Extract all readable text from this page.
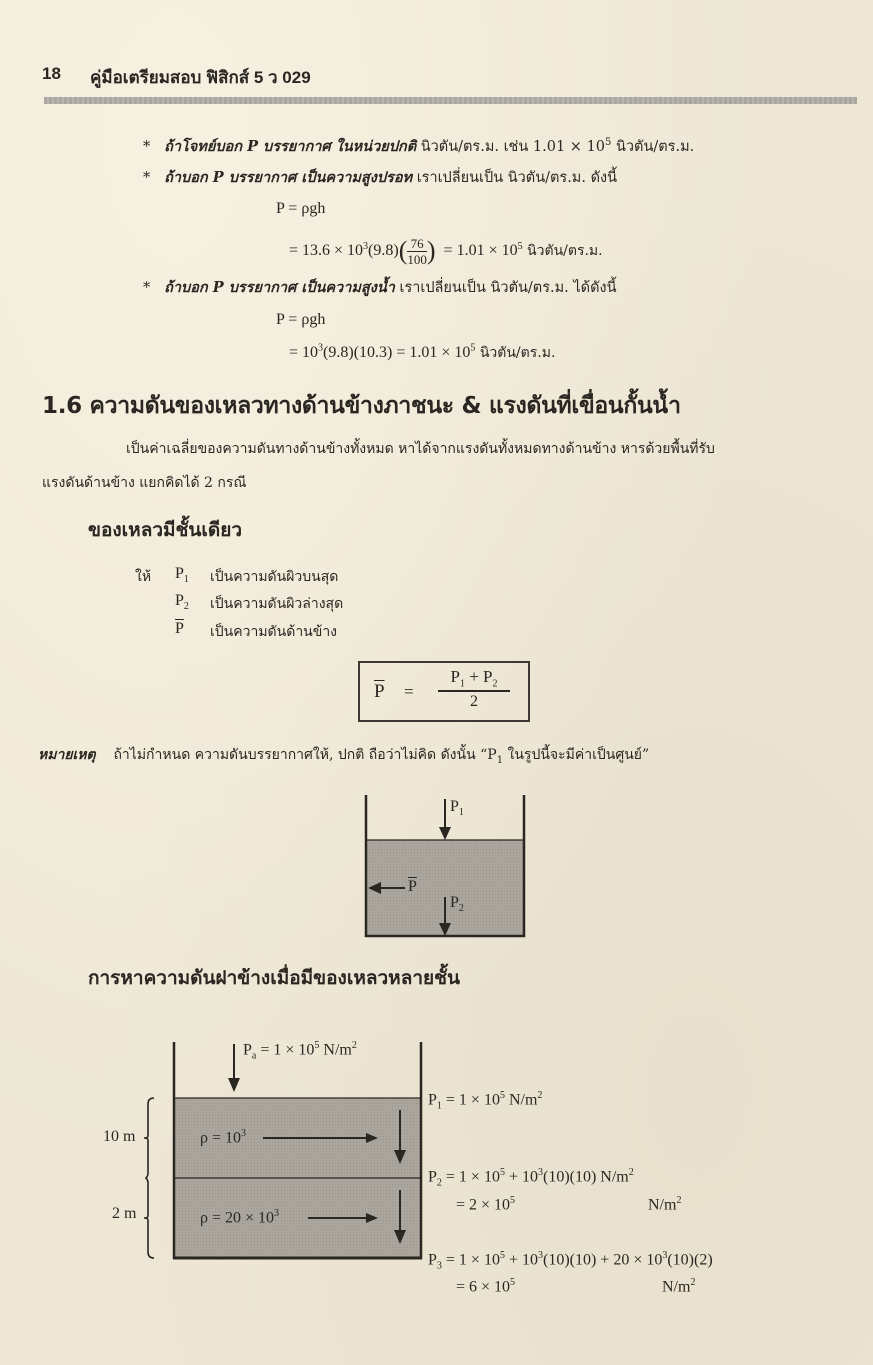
18 คู่มือเตรียมสอบ ฟิสิกส์ 5 ว 029
* ถ้าโจทย์บอก P บรรยากาศ ในหน่วยปกติ นิวตัน/ตร.ม. เช่น $1.01 \times 10^5$ นิวตัน/ตร.ม.
* ถ้าบอก P บรรยากาศ เป็นความสูงปรอท เราเปลี่ยนเป็น นิวตัน/ตร.ม. ดังนี้
P = ρgh
= $13.6 \times 10^3(9.8)( \frac{76}{100}$ ) = $1.01 \times 10^5$ นิวตัน/ตร.ม.
* ถ้าบอก P บรรยากาศ เป็นความสูงน้ำ เราเปลี่ยนเป็น นิวตัน/ตร.ม. ได้ดังนี้
P = ρgh
= $10^3(9.8)(10.3) = 1.01 \times 10^5$ นิวตัน/ตร.ม.
1.6 ความดันของเหลวทางด้านข้างภาชนะ & แรงดันที่เขื่อนกั้นน้ำ
เป็นค่าเฉลี่ยของความดันทางด้านข้างทั้งหมด หาได้จากแรงดันทั้งหมดทางด้านข้าง หารด้วยพื้นที่รับ
แรงดันด้านข้าง แยกคิดได้ 2 กรณี
ของเหลวมีชั้นเดียว
ให้ $P_1$ เป็นความดันผิวบนสุด
$P_2$ เป็นความดันผิวล่างสุด
$\overline{P}$ เป็นความดันด้านข้าง
$\overline{P}$ =
$P_1 + P_2$
2
หมายเหตุ ถ้าไม่กำหนด ความดันบรรยากาศให้, ปกติ ถือว่าไม่คิด ดังนั้น “$P_1$ ในรูปนี้จะมีค่าเป็นศูนย์”
$P_1$
$\overline{P}$
$P_2$
การหาความดันฝาข้างเมื่อมีของเหลวหลายชั้น
$P_a = 1 \times 10^5$ $N/m^2$
10 m
2 m
$\rho = 10^3$
$\rho = 20 \times 10^3$
$P_1 = 1 \times 10^5$ $N/m^2$
$P_2 = 1 \times 10^5 + 10^3(10)(10)$ $N/m^2$
= $2 \times 10^5$	$N/m^2$
$P_3 = 1 \times 10^5 + 10^3(10)(10) + 20 \times 10^3(10)(2)$
= $6 \times 10^5$	$N/m^2$
